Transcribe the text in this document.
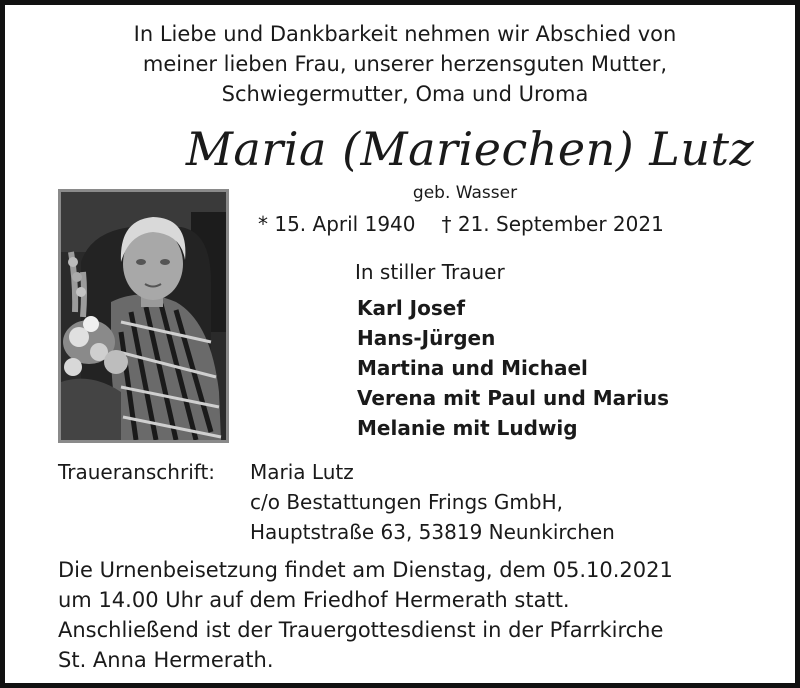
In Liebe und Dankbarkeit nehmen wir Abschied von
meiner lieben Frau, unserer herzensguten Mutter,
Schwiegermutter, Oma und Uroma
Maria (Mariechen) Lutz
geb. Wasser
* 15. April 1940 † 21. September 2021
In stiller Trauer
Karl Josef
Hans-Jürgen
Martina und Michael
Verena mit Paul und Marius
Melanie mit Ludwig
Traueranschrift: Maria Lutz
c/o Bestattungen Frings GmbH,
Hauptstraße 63, 53819 Neunkirchen
Die Urnenbeisetzung findet am Dienstag, dem 05.10.2021
um 14.00 Uhr auf dem Friedhof Hermerath statt.
Anschließend ist der Trauergottesdienst in der Pfarrkirche
St. Anna Hermerath.
